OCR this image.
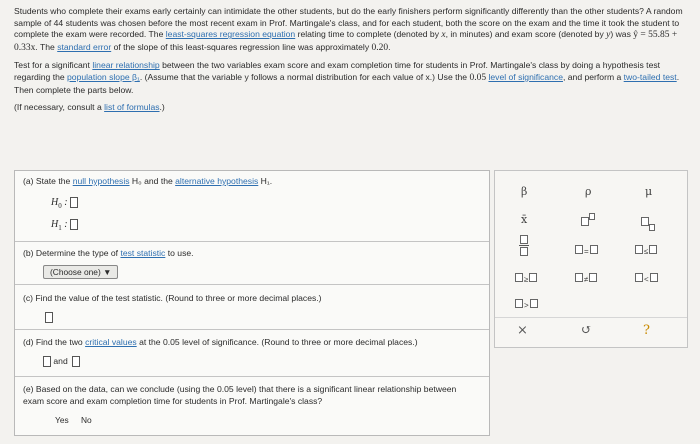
Students who complete their exams early certainly can intimidate the other students, but do the early finishers perform significantly differently than the other students? A random sample of 44 students was chosen before the most recent exam in Prof. Martingale's class, and for each student, both the score on the exam and the time it took the student to complete the exam were recorded. The least-squares regression equation relating time to complete (denoted by x, in minutes) and exam score (denoted by y) was ŷ = 55.85 + 0.33x. The standard error of the slope of this least-squares regression line was approximately 0.20.

Test for a significant linear relationship between the two variables exam score and exam completion time for students in Prof. Martingale's class by doing a hypothesis test regarding the population slope β₁. (Assume that the variable y follows a normal distribution for each value of x.) Use the 0.05 level of significance, and perform a two-tailed test. Then complete the parts below.

(If necessary, consult a list of formulas.)

(a) State the null hypothesis H₀ and the alternative hypothesis H₁.
$H_0$ :
$H_1$ :
(b) Determine the type of test statistic to use.
(Choose one) ▼
(c) Find the value of the test statistic. (Round to three or more decimal places.)
(d) Find the two critical values at the 0.05 level of significance. (Round to three or more decimal places.)
and
(e) Based on the data, can we conclude (using the 0.05 level) that there is a significant linear relationship between exam score and exam completion time for students in Prof. Martingale's class?
Yes No
β	ρ	μ
x̄

=	≤
≥	≠	<
>
×	↺	?
